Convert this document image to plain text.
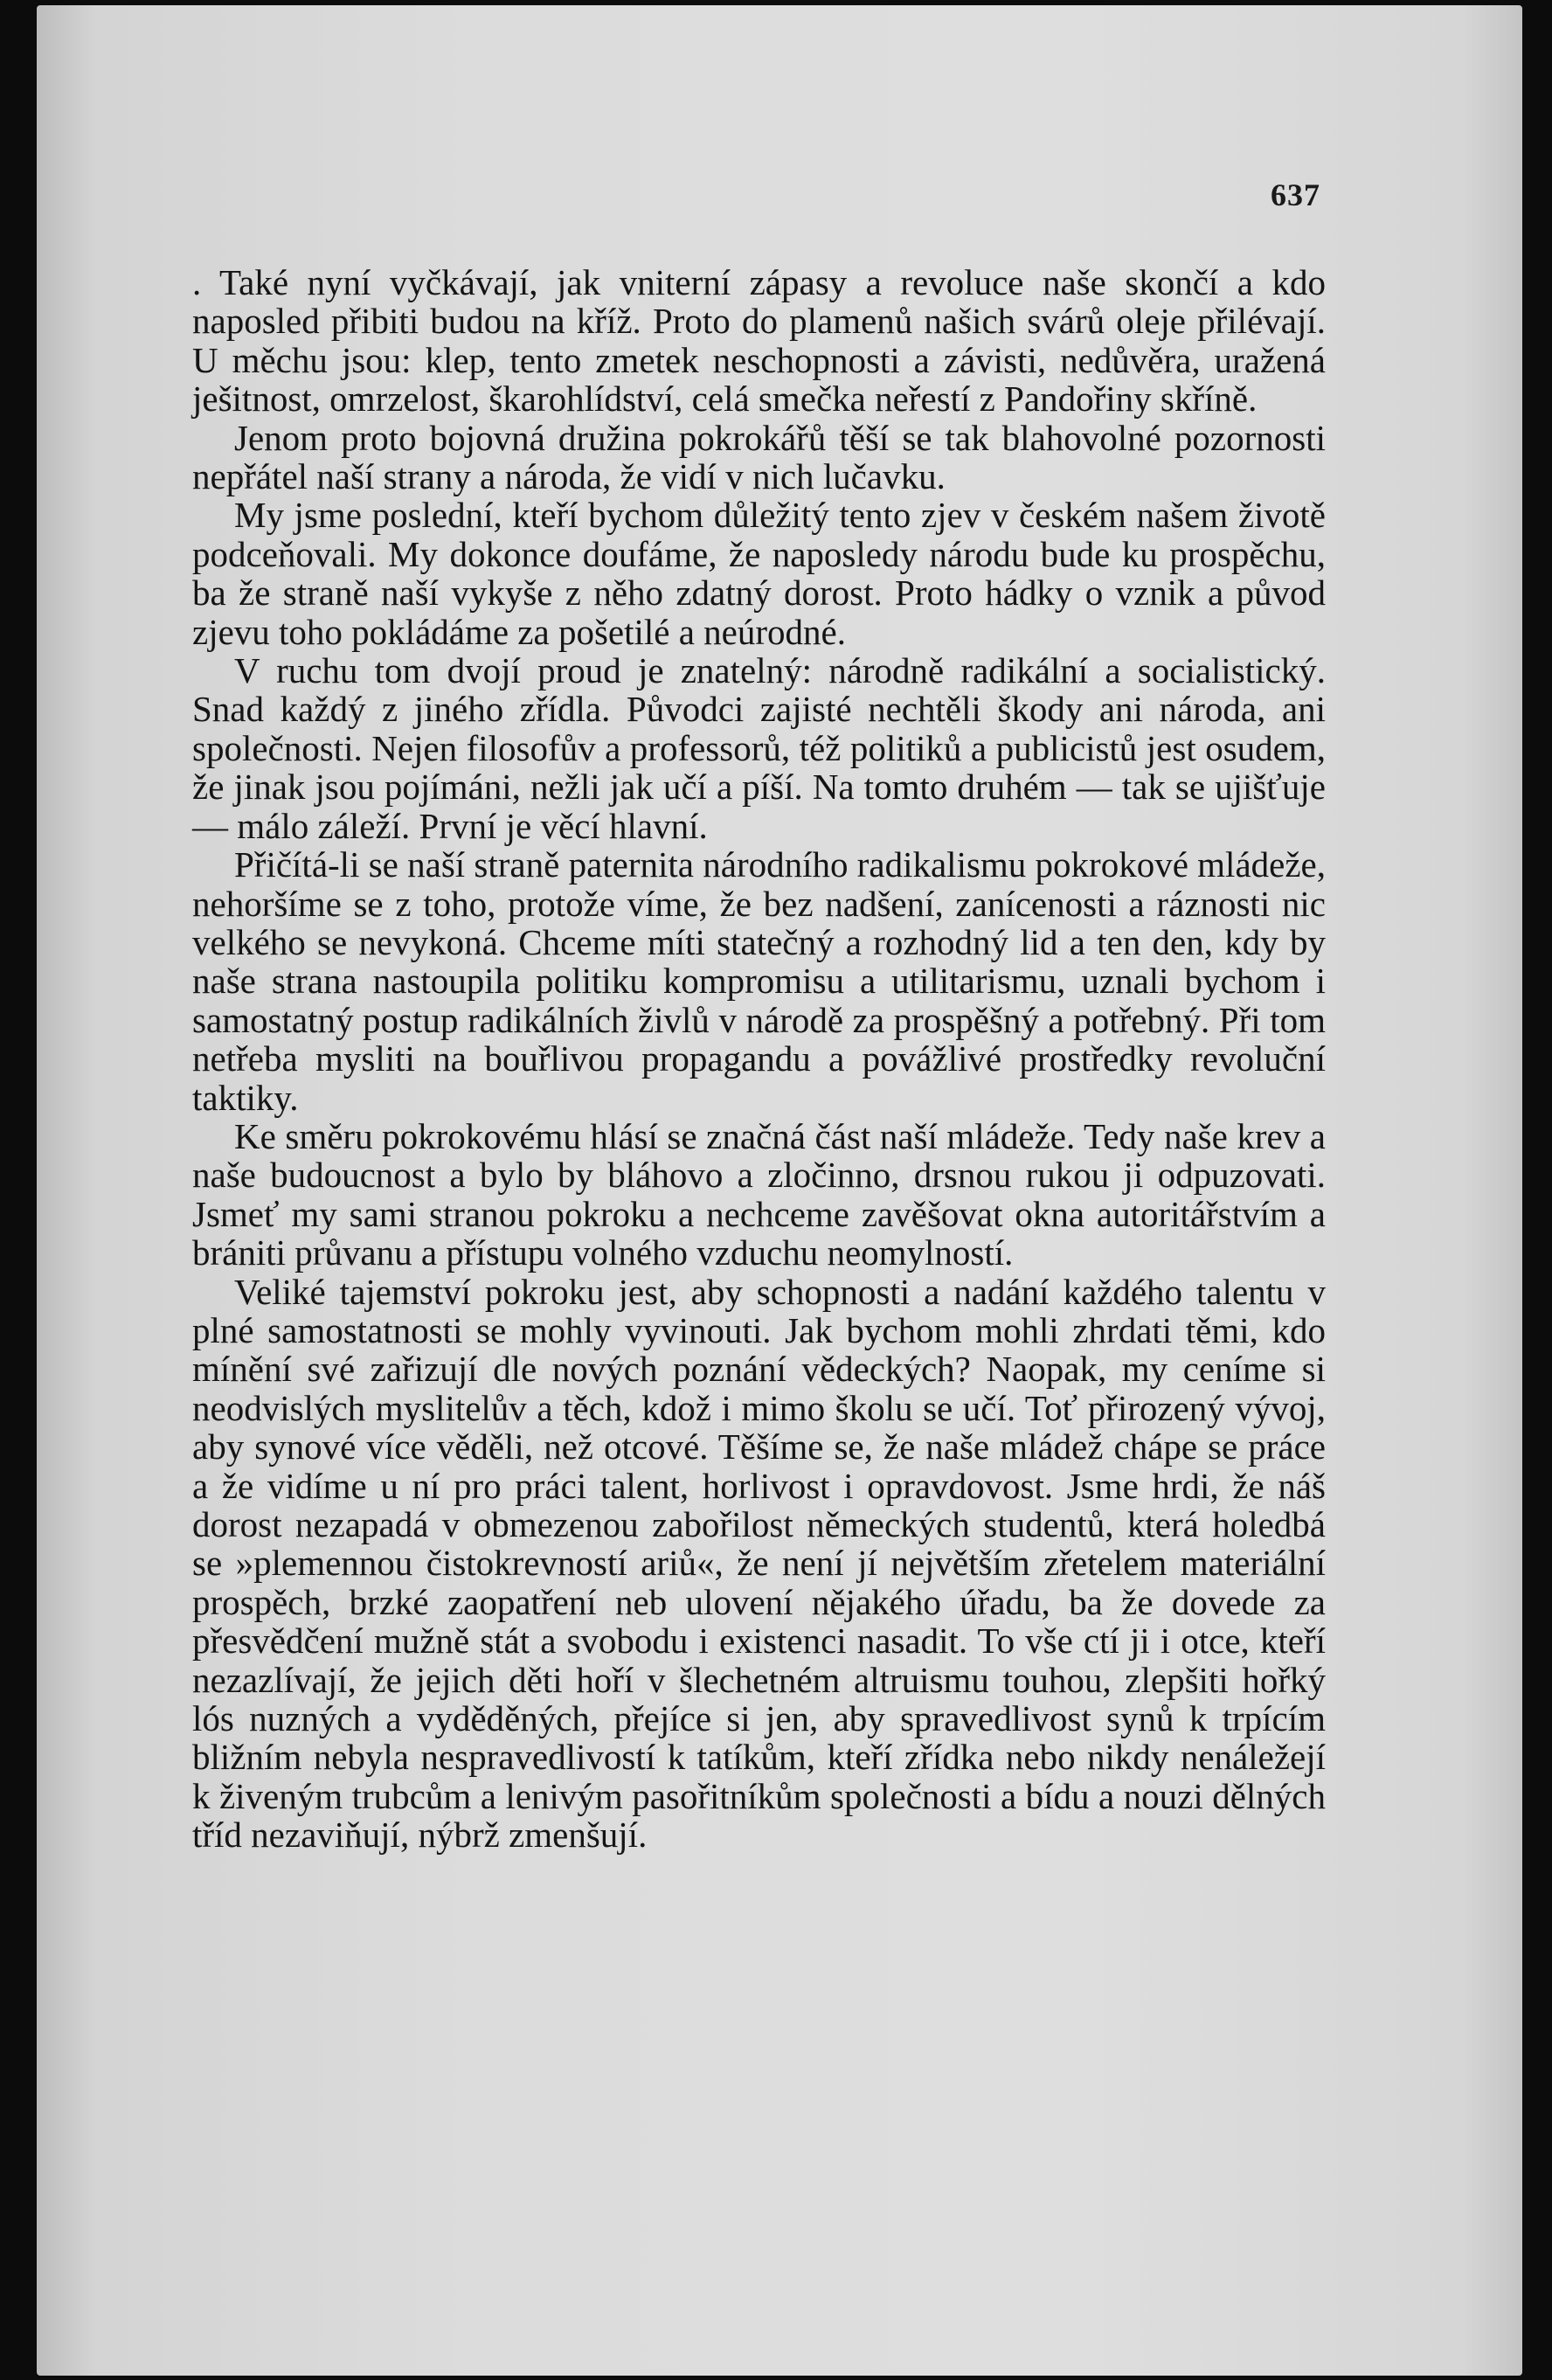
637

. Také nyní vyčkávají, jak vniterní zápasy a revoluce naše skončí a kdo naposled přibiti budou na kříž. Proto do plamenů našich svárů oleje přilévají. U měchu jsou: klep, tento zmetek neschopnosti a závisti, nedůvěra, uražená ješitnost, omrzelost, škarohlídství, celá smečka neřestí z Pandořiny skříně.

Jenom proto bojovná družina pokrokářů těší se tak blahovolné pozornosti nepřátel naší strany a národa, že vidí v nich lučavku.

My jsme poslední, kteří bychom důležitý tento zjev v českém našem životě podceňovali. My dokonce doufáme, že naposledy národu bude ku prospěchu, ba že straně naší vykyše z něho zdatný dorost. Proto hádky o vznik a původ zjevu toho pokládáme za pošetilé a neúrodné.

V ruchu tom dvojí proud je znatelný: národně radikální a socialistický. Snad každý z jiného zřídla. Původci zajisté nechtěli škody ani národa, ani společnosti. Nejen filosofův a professorů, též politiků a publicistů jest osudem, že jinak jsou pojímáni, nežli jak učí a píší. Na tomto druhém — tak se ujišťuje — málo záleží. První je věcí hlavní.

Přičítá-li se naší straně paternita národního radikalismu pokrokové mládeže, nehoršíme se z toho, protože víme, že bez nadšení, zanícenosti a ráznosti nic velkého se nevykoná. Chceme míti statečný a rozhodný lid a ten den, kdy by naše strana nastoupila politiku kompromisu a utilitarismu, uznali bychom i samostatný postup radikálních živlů v národě za prospěšný a potřebný. Při tom netřeba mysliti na bouřlivou propagandu a povážlivé prostředky revoluční taktiky.

Ke směru pokrokovému hlásí se značná část naší mládeže. Tedy naše krev a naše budoucnost a bylo by bláhovo a zločinno, drsnou rukou ji odpuzovati. Jsmeť my sami stranou pokroku a nechceme zavěšovat okna autoritářstvím a brániti průvanu a přístupu volného vzduchu neomylností.

Veliké tajemství pokroku jest, aby schopnosti a nadání každého talentu v plné samostatnosti se mohly vyvinouti. Jak bychom mohli zhrdati těmi, kdo mínění své zařizují dle nových poznání vědeckých? Naopak, my ceníme si neodvislých myslitelův a těch, kdož i mimo školu se učí. Toť přirozený vývoj, aby synové více věděli, než otcové. Těšíme se, že naše mládež chápe se práce a že vidíme u ní pro práci talent, horlivost i opravdovost. Jsme hrdi, že náš dorost nezapadá v obmezenou zabořilost německých studentů, která holedbá se »plemennou čistokrevností ariů«, že není jí největším zřetelem materiální prospěch, brzké zaopatření neb ulovení nějakého úřadu, ba že dovede za přesvědčení mužně stát a svobodu i existenci nasadit. To vše ctí ji i otce, kteří nezazlívají, že jejich děti hoří v šlechetném altruismu touhou, zlepšiti hořký lós nuzných a vyděděných, přejíce si jen, aby spravedlivost synů k trpícím bližním nebyla nespravedlivostí k tatíkům, kteří zřídka nebo nikdy nenáležejí k živeným trubcům a lenivým pasořitníkům společnosti a bídu a nouzi dělných tříd nezaviňují, nýbrž zmenšují.
